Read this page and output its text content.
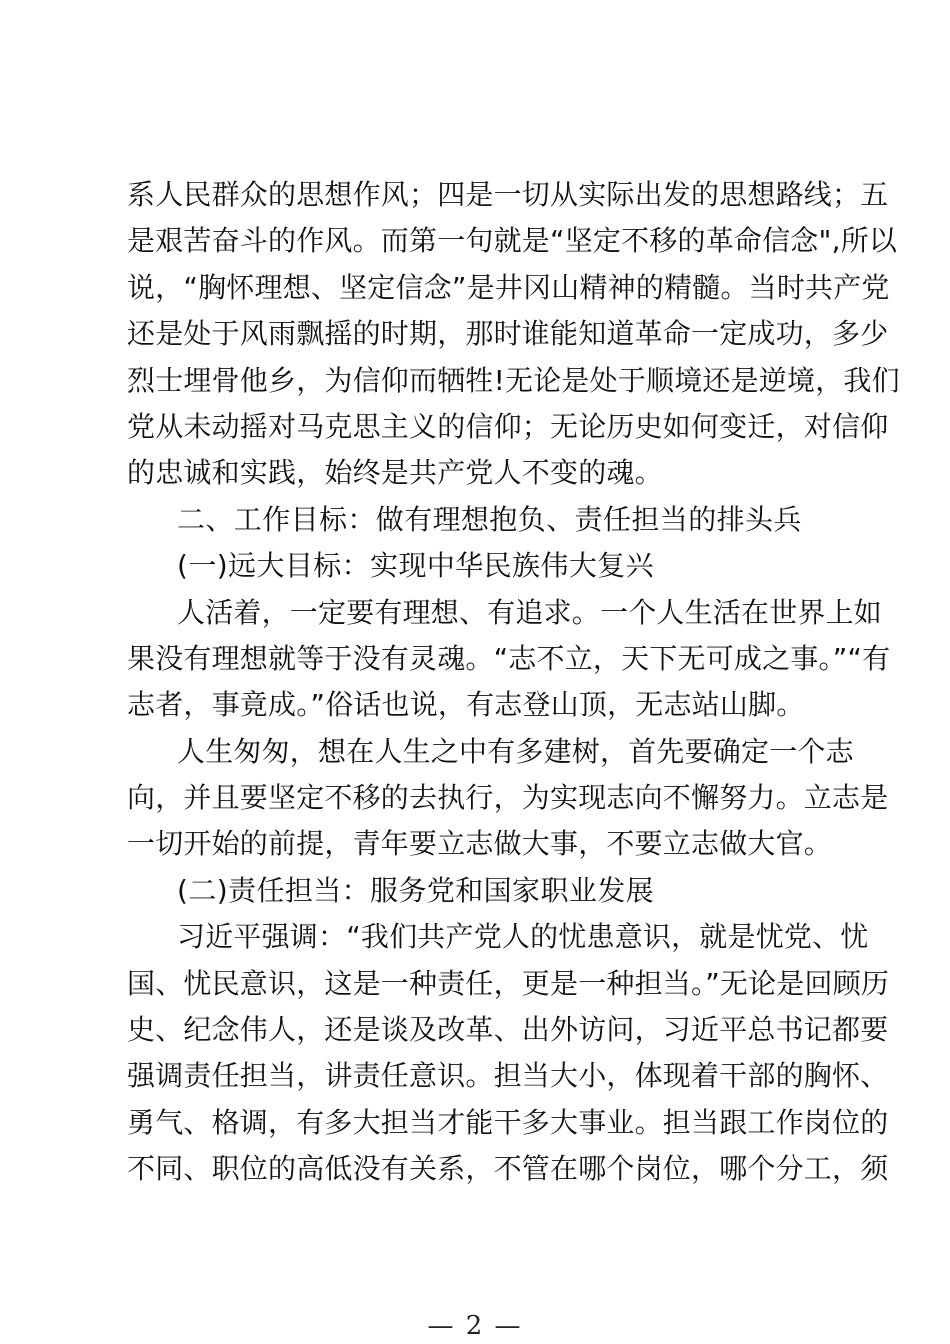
系人民群众的思想作风；四是一切从实际出发的思想路线；五
是艰苦奋斗的作风。而第一句就是“坚定不移的革命信念",所以
说，“胸怀理想、坚定信念”是井冈山精神的精髓。当时共产党
还是处于风雨飘摇的时期，那时谁能知道革命一定成功，多少
烈士埋骨他乡，为信仰而牺牲!无论是处于顺境还是逆境，我们
党从未动摇对马克思主义的信仰；无论历史如何变迁，对信仰
的忠诚和实践，始终是共产党人不变的魂。
二、工作目标：做有理想抱负、责任担当的排头兵
(一)远大目标：实现中华民族伟大复兴
人活着，一定要有理想、有追求。一个人生活在世界上如
果没有理想就等于没有灵魂。“志不立，天下无可成之事。”“有
志者，事竟成。”俗话也说，有志登山顶，无志站山脚。
人生匆匆，想在人生之中有多建树，首先要确定一个志
向，并且要坚定不移的去执行，为实现志向不懈努力。立志是
一切开始的前提，青年要立志做大事，不要立志做大官。
(二)责任担当：服务党和国家职业发展
习近平强调：“我们共产党人的忧患意识，就是忧党、忧
国、忧民意识，这是一种责任，更是一种担当。”无论是回顾历
史、纪念伟人，还是谈及改革、出外访问，习近平总书记都要
强调责任担当，讲责任意识。担当大小，体现着干部的胸怀、
勇气、格调，有多大担当才能干多大事业。担当跟工作岗位的
不同、职位的高低没有关系，不管在哪个岗位，哪个分工，须
— 2 —
